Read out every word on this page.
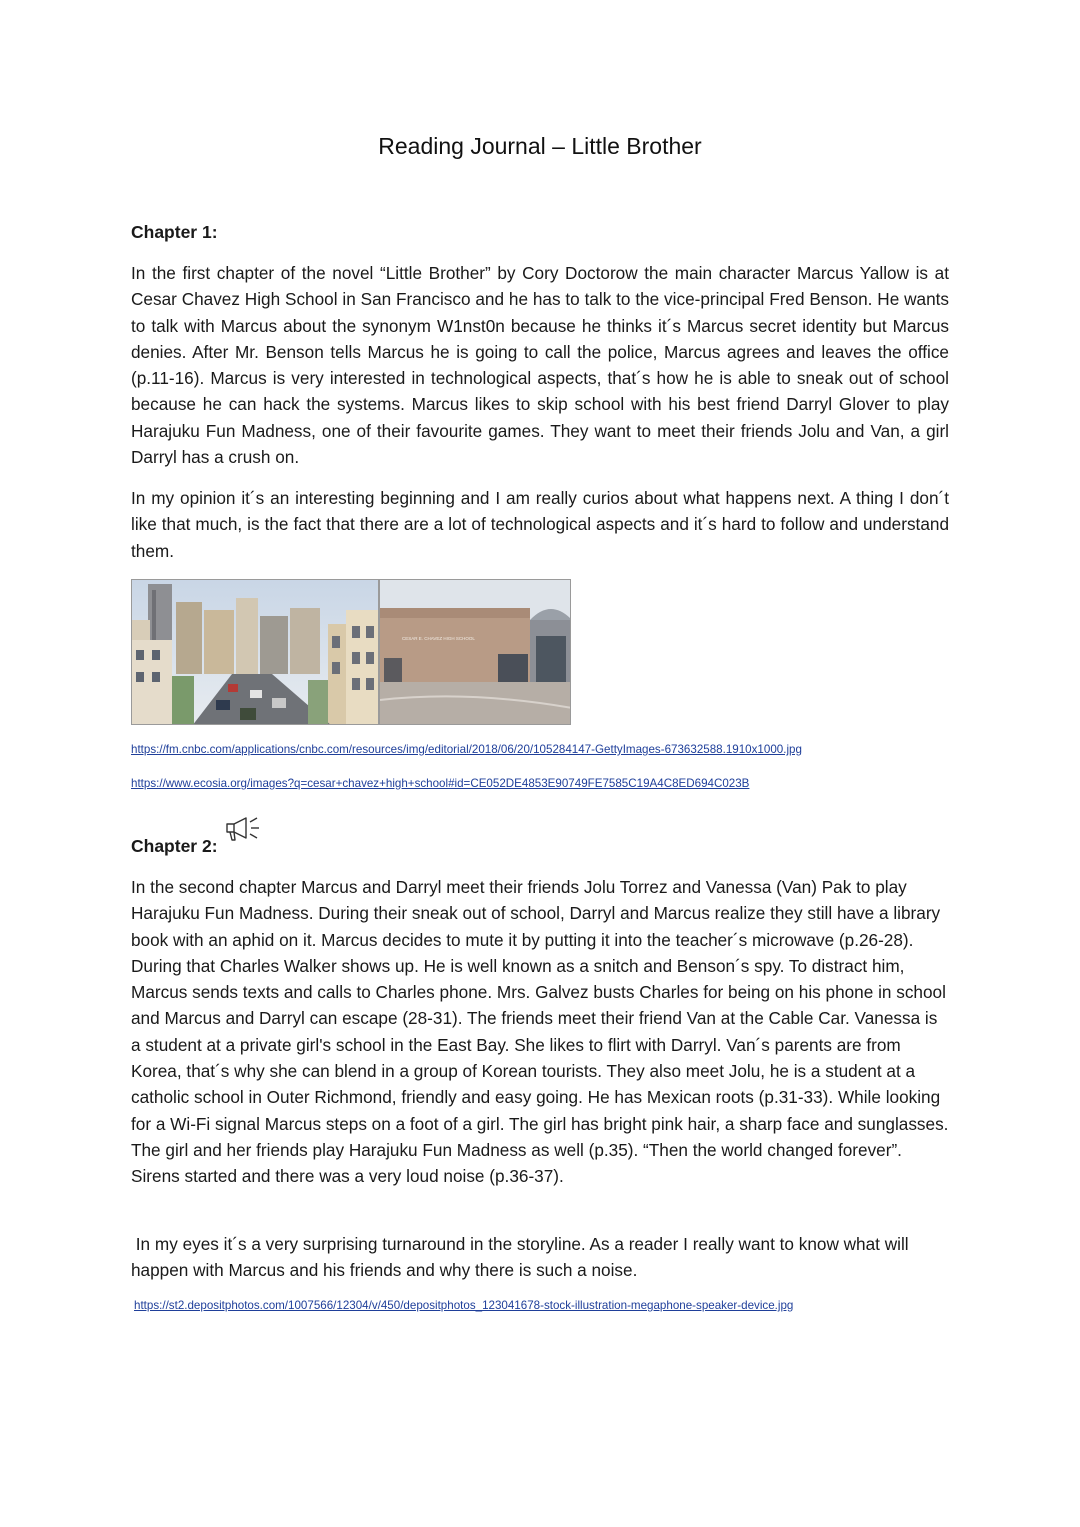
Reading Journal – Little Brother
Chapter 1:

In the first chapter of the novel “Little Brother” by Cory Doctorow the main character Marcus Yallow is at Cesar Chavez High School in San Francisco and he has to talk to the vice-principal Fred Benson. He wants to talk with Marcus about the synonym W1nst0n because he thinks it´s Marcus secret identity but Marcus denies. After Mr. Benson tells Marcus he is going to call the police, Marcus agrees and leaves the office (p.11-16). Marcus is very interested in technological aspects, that´s how he is able to sneak out of school because he can hack the systems. Marcus likes to skip school with his best friend Darryl Glover to play Harajuku Fun Madness, one of their favourite games. They want to meet their friends Jolu and Van, a girl Darryl has a crush on.

In my opinion it´s an interesting beginning and I am really curios about what happens next. A thing I don´t like that much, is the fact that there are a lot of technological aspects and it´s hard to follow and understand them.

CESAR E. CHAVEZ HIGH SCHOOL
https://fm.cnbc.com/applications/cnbc.com/resources/img/editorial/2018/06/20/105284147-GettyImages-673632588.1910x1000.jpg
https://www.ecosia.org/images?q=cesar+chavez+high+school#id=CE052DE4853E90749FE7585C19A4C8ED694C023B
Chapter 2:

In the second chapter Marcus and Darryl meet their friends Jolu Torrez and Vanessa (Van) Pak to play Harajuku Fun Madness. During their sneak out of school, Darryl and Marcus realize they still have a library book with an aphid on it. Marcus decides to mute it by putting it into the teacher´s microwave (p.26-28). During that Charles Walker shows up. He is well known as a snitch and Benson´s spy. To distract him, Marcus sends texts and calls to Charles phone. Mrs. Galvez busts Charles for being on his phone in school and Marcus and Darryl can escape (28-31). The friends meet their friend Van at the Cable Car. Vanessa is a student at a private girl's school in the East Bay. She likes to flirt with Darryl. Van´s parents are from Korea, that´s why she can blend in a group of Korean tourists. They also meet Jolu, he is a student at a catholic school in Outer Richmond, friendly and easy going. He has Mexican roots (p.31-33). While looking for a Wi-Fi signal Marcus steps on a foot of a girl. The girl has bright pink hair, a sharp face and sunglasses. The girl and her friends play Harajuku Fun Madness as well (p.35). “Then the world changed forever”. Sirens started and there was a very loud noise (p.36-37).

In my eyes it´s a very surprising turnaround in the storyline. As a reader I really want to know what will happen with Marcus and his friends and why there is such a noise.

https://st2.depositphotos.com/1007566/12304/v/450/depositphotos_123041678-stock-illustration-megaphone-speaker-device.jpg
